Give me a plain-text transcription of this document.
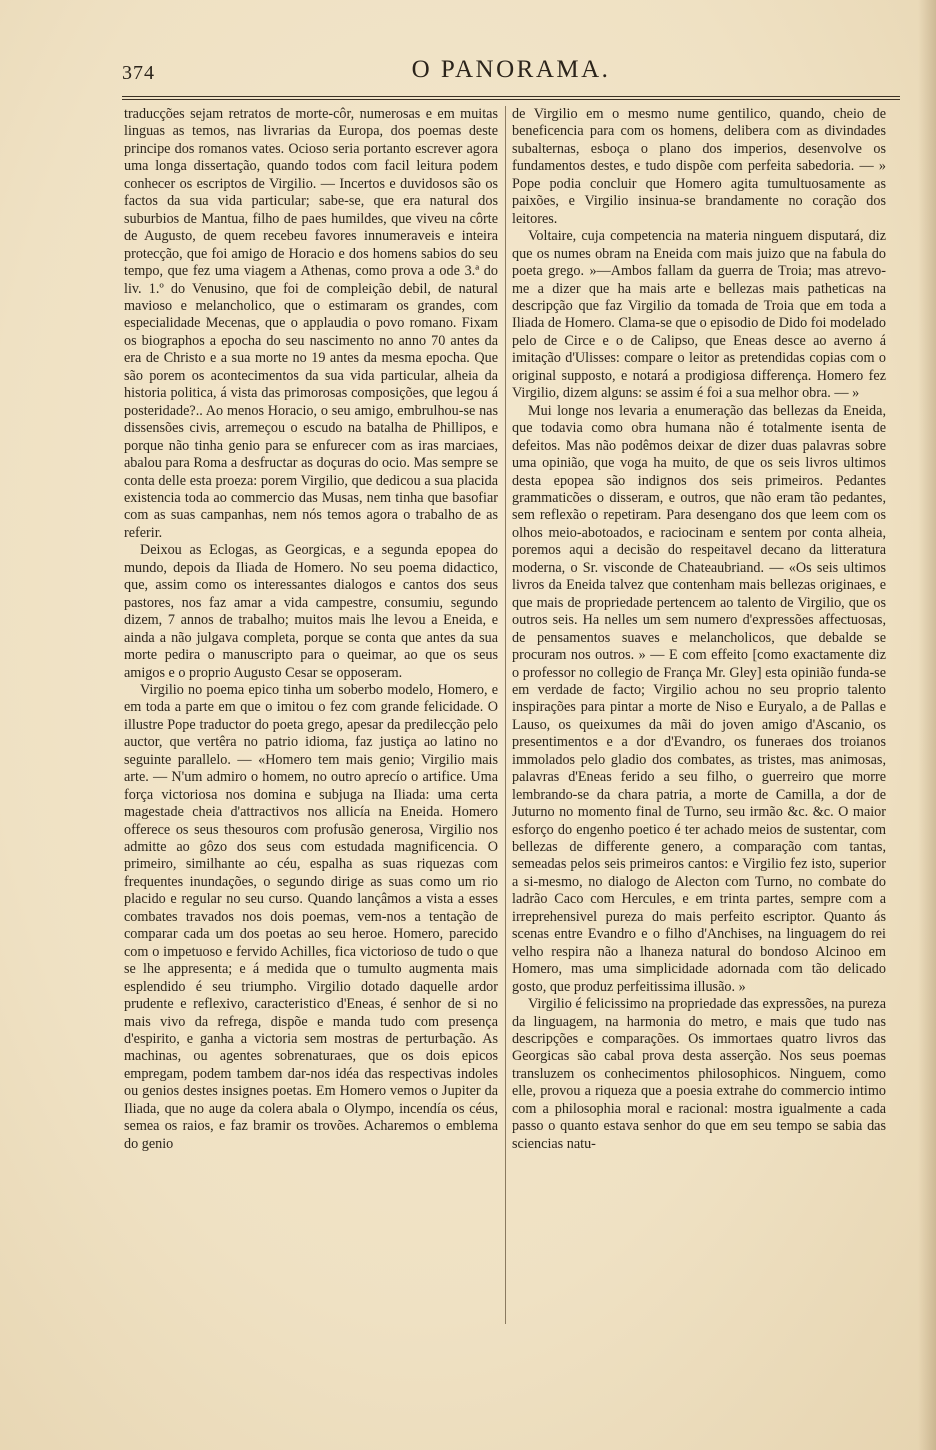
374	O PANORAMA.

traducções sejam retratos de morte-côr, numerosas e em muitas linguas as temos, nas livrarias da Europa, dos poemas deste principe dos romanos vates. Ocioso seria portanto escrever agora uma longa dissertação, quando todos com facil leitura podem conhecer os escriptos de Virgilio. — Incertos e duvidosos são os factos da sua vida particular; sabe-se, que era natural dos suburbios de Mantua, filho de paes humildes, que viveu na côrte de Augusto, de quem recebeu favores innumeraveis e inteira protecção, que foi amigo de Horacio e dos homens sabios do seu tempo, que fez uma viagem a Athenas, como prova a ode 3.ª do liv. 1.º do Venusino, que foi de compleição debil, de natural mavioso e melancholico, que o estimaram os grandes, com especialidade Mecenas, que o applaudia o povo romano. Fixam os biographos a epocha do seu nascimento no anno 70 antes da era de Christo e a sua morte no 19 antes da mesma epocha. Que são porem os acontecimentos da sua vida particular, alheia da historia politica, á vista das primorosas composições, que legou á posteridade?.. Ao menos Horacio, o seu amigo, embrulhou-se nas dissensões civis, arremeçou o escudo na batalha de Phillipos, e porque não tinha genio para se enfurecer com as iras marciaes, abalou para Roma a desfructar as doçuras do ocio. Mas sempre se conta delle esta proeza: porem Virgilio, que dedicou a sua placida existencia toda ao commercio das Musas, nem tinha que basofiar com as suas campanhas, nem nós temos agora o trabalho de as referir.

Deixou as Eclogas, as Georgicas, e a segunda epopea do mundo, depois da Iliada de Homero. No seu poema didactico, que, assim como os interessantes dialogos e cantos dos seus pastores, nos faz amar a vida campestre, consumiu, segundo dizem, 7 annos de trabalho; muitos mais lhe levou a Eneida, e ainda a não julgava completa, porque se conta que antes da sua morte pedira o manuscripto para o queimar, ao que os seus amigos e o proprio Augusto Cesar se opposeram.

Virgilio no poema epico tinha um soberbo modelo, Homero, e em toda a parte em que o imitou o fez com grande felicidade. O illustre Pope traductor do poeta grego, apesar da predilecção pelo auctor, que vertêra no patrio idioma, faz justiça ao latino no seguinte parallelo. — «Homero tem mais genio; Virgilio mais arte. — N'um admiro o homem, no outro aprecío o artifice. Uma força victoriosa nos domina e subjuga na Iliada: uma certa magestade cheia d'attractivos nos allicía na Eneida. Homero offerece os seus thesouros com profusão generosa, Virgilio nos admitte ao gôzo dos seus com estudada magnificencia. O primeiro, similhante ao céu, espalha as suas riquezas com frequentes inundações, o segundo dirige as suas como um rio placido e regular no seu curso. Quando lançâmos a vista a esses combates travados nos dois poemas, vem-nos a tentação de comparar cada um dos poetas ao seu heroe. Homero, parecido com o impetuoso e fervido Achilles, fica victorioso de tudo o que se lhe appresenta; e á medida que o tumulto augmenta mais esplendido é seu triumpho. Virgilio dotado daquelle ardor prudente e reflexivo, caracteristico d'Eneas, é senhor de si no mais vivo da refrega, dispõe e manda tudo com presença d'espirito, e ganha a victoria sem mostras de perturbação. As machinas, ou agentes sobrenaturaes, que os dois epicos empregam, podem tambem dar-nos idéa das respectivas indoles ou genios destes insignes poetas. Em Homero vemos o Jupiter da Iliada, que no auge da colera abala o Olympo, incendía os céus, semea os raios, e faz bramir os trovões. Acharemos o emblema do genio

de Virgilio em o mesmo nume gentilico, quando, cheio de beneficencia para com os homens, delibera com as divindades subalternas, esboça o plano dos imperios, desenvolve os fundamentos destes, e tudo dispõe com perfeita sabedoria. — » Pope podia concluir que Homero agita tumultuosamente as paixões, e Virgilio insinua-se brandamente no coração dos leitores.

Voltaire, cuja competencia na materia ninguem disputará, diz que os numes obram na Eneida com mais juizo que na fabula do poeta grego. »—Ambos fallam da guerra de Troia; mas atrevo-me a dizer que ha mais arte e bellezas mais patheticas na descripção que faz Virgilio da tomada de Troia que em toda a Iliada de Homero. Clama-se que o episodio de Dido foi modelado pelo de Circe e o de Calipso, que Eneas desce ao averno á imitação d'Ulisses: compare o leitor as pretendidas copias com o original supposto, e notará a prodigiosa differença. Homero fez Virgilio, dizem alguns: se assim é foi a sua melhor obra. — »

Mui longe nos levaria a enumeração das bellezas da Eneida, que todavia como obra humana não é totalmente isenta de defeitos. Mas não podêmos deixar de dizer duas palavras sobre uma opinião, que voga ha muito, de que os seis livros ultimos desta epopea são indignos dos seis primeiros. Pedantes grammaticões o disseram, e outros, que não eram tão pedantes, sem reflexão o repetiram. Para desengano dos que leem com os olhos meio-abotoados, e raciocinam e sentem por conta alheia, poremos aqui a decisão do respeitavel decano da litteratura moderna, o Sr. visconde de Chateaubriand. — «Os seis ultimos livros da Eneida talvez que contenham mais bellezas originaes, e que mais de propriedade pertencem ao talento de Virgilio, que os outros seis. Ha nelles um sem numero d'expressões affectuosas, de pensamentos suaves e melancholicos, que debalde se procuram nos outros. » — E com effeito [como exactamente diz o professor no collegio de França Mr. Gley] esta opinião funda-se em verdade de facto; Virgilio achou no seu proprio talento inspirações para pintar a morte de Niso e Euryalo, a de Pallas e Lauso, os queixumes da mãi do joven amigo d'Ascanio, os presentimentos e a dor d'Evandro, os funeraes dos troianos immolados pelo gladio dos combates, as tristes, mas animosas, palavras d'Eneas ferido a seu filho, o guerreiro que morre lembrando-se da chara patria, a morte de Camilla, a dor de Juturno no momento final de Turno, seu irmão &c. &c. O maior esforço do engenho poetico é ter achado meios de sustentar, com bellezas de differente genero, a comparação com tantas, semeadas pelos seis primeiros cantos: e Virgilio fez isto, superior a si-mesmo, no dialogo de Alecton com Turno, no combate do ladrão Caco com Hercules, e em trinta partes, sempre com a irreprehensivel pureza do mais perfeito escriptor. Quanto ás scenas entre Evandro e o filho d'Anchises, na linguagem do rei velho respira não a lhaneza natural do bondoso Alcinoo em Homero, mas uma simplicidade adornada com tão delicado gosto, que produz perfeitissima illusão. »

Virgilio é felicissimo na propriedade das expressões, na pureza da linguagem, na harmonia do metro, e mais que tudo nas descripções e comparações. Os immortaes quatro livros das Georgicas são cabal prova desta asserção. Nos seus poemas transluzem os conhecimentos philosophicos. Ninguem, como elle, provou a riqueza que a poesia extrahe do commercio intimo com a philosophia moral e racional: mostra igualmente a cada passo o quanto estava senhor do que em seu tempo se sabia das sciencias natu-
